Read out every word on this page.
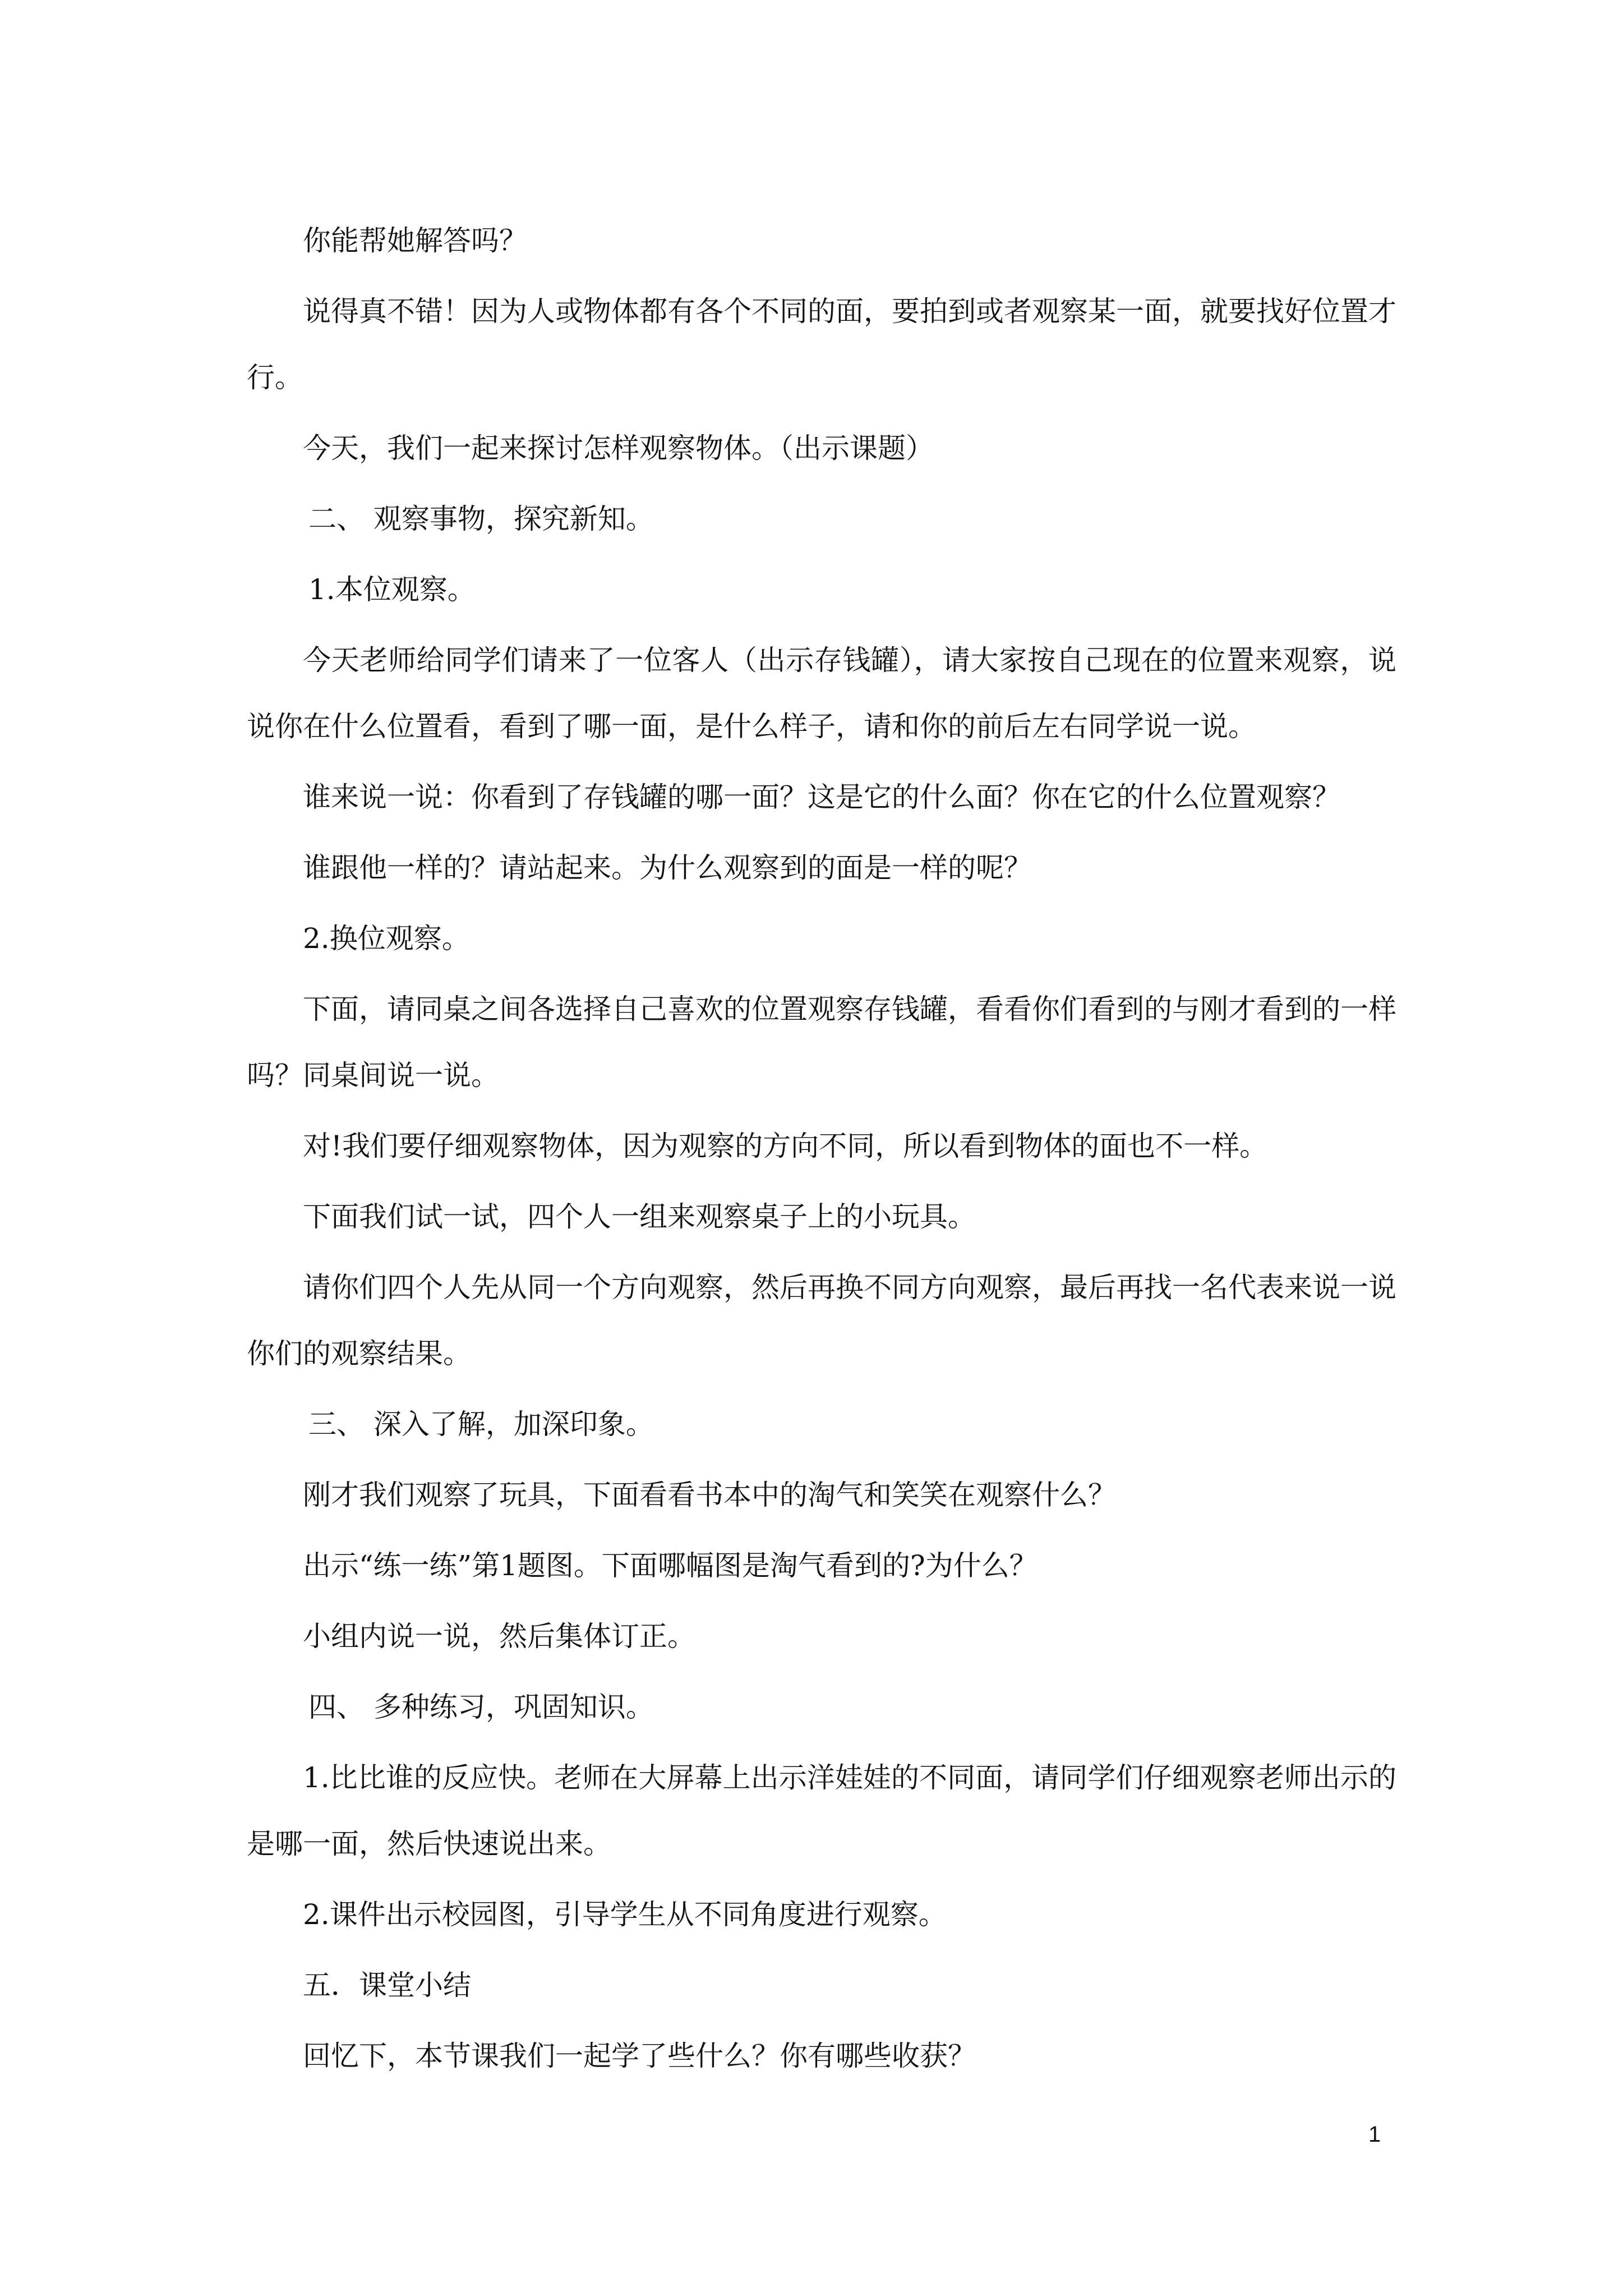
你能帮她解答吗？

说得真不错！因为人或物体都有各个不同的面，要拍到或者观察某一面，就要找好位置才行。

今天，我们一起来探讨怎样观察物体。（出示课题）

二、 观察事物，探究新知。

1.本位观察。

今天老师给同学们请来了一位客人（出示存钱罐），请大家按自己现在的位置来观察，说说你在什么位置看，看到了哪一面，是什么样子，请和你的前后左右同学说一说。

谁来说一说：你看到了存钱罐的哪一面？这是它的什么面？你在它的什么位置观察？

谁跟他一样的？请站起来。为什么观察到的面是一样的呢？

2.换位观察。

下面，请同桌之间各选择自己喜欢的位置观察存钱罐，看看你们看到的与刚才看到的一样吗？同桌间说一说。

对!我们要仔细观察物体，因为观察的方向不同，所以看到物体的面也不一样。

下面我们试一试，四个人一组来观察桌子上的小玩具。

请你们四个人先从同一个方向观察，然后再换不同方向观察，最后再找一名代表来说一说你们的观察结果。

三、 深入了解，加深印象。

刚才我们观察了玩具，下面看看书本中的淘气和笑笑在观察什么？

出示“练一练”第1题图。下面哪幅图是淘气看到的?为什么？

小组内说一说，然后集体订正。

四、 多种练习，巩固知识。

1.比比谁的反应快。老师在大屏幕上出示洋娃娃的不同面，请同学们仔细观察老师出示的是哪一面，然后快速说出来。

2.课件出示校园图，引导学生从不同角度进行观察。

五．课堂小结

回忆下，本节课我们一起学了些什么？你有哪些收获？

1
